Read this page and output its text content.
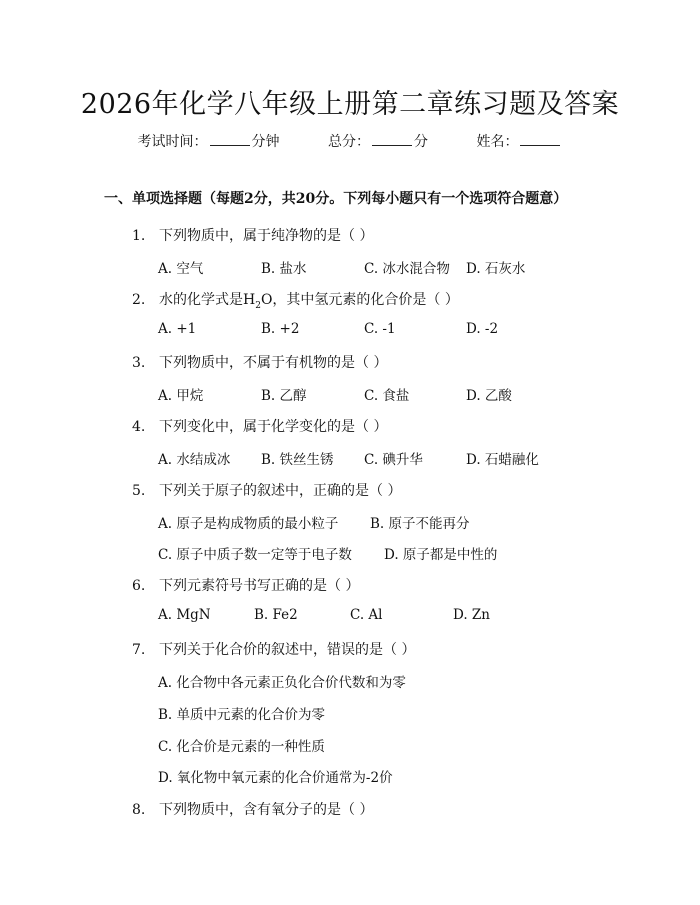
2026年化学八年级上册第二章练习题及答案
考试时间：	分钟	总分：	分	姓名：
一、单项选择题（每题2分，共20分。下列每小题只有一个选项符合题意）
1. 下列物质中，属于纯净物的是（ ）
A. 空气	B. 盐水	C. 冰水混合物 D. 石灰水
2. 水的化学式是$H_2O$，其中氢元素的化合价是（ ）
A. +1	B. +2	C. -1	D. -2
3. 下列物质中，不属于有机物的是（ ）
A. 甲烷	B. 乙醇	C. 食盐	D. 乙酸
4. 下列变化中，属于化学变化的是（ ）
A. 水结成冰 B. 铁丝生锈 C. 碘升华	D. 石蜡融化
5. 下列关于原子的叙述中，正确的是（ ）
A. 原子是构成物质的最小粒子 B. 原子不能再分
C. 原子中质子数一定等于电子数 D. 原子都是中性的
6. 下列元素符号书写正确的是（ ）
A. MgN	B. Fe2	C. Al	D. Zn
7. 下列关于化合价的叙述中，错误的是（ ）
A. 化合物中各元素正负化合价代数和为零
B. 单质中元素的化合价为零
C. 化合价是元素的一种性质
D. 氧化物中氧元素的化合价通常为-2价
8. 下列物质中，含有氧分子的是（ ）
